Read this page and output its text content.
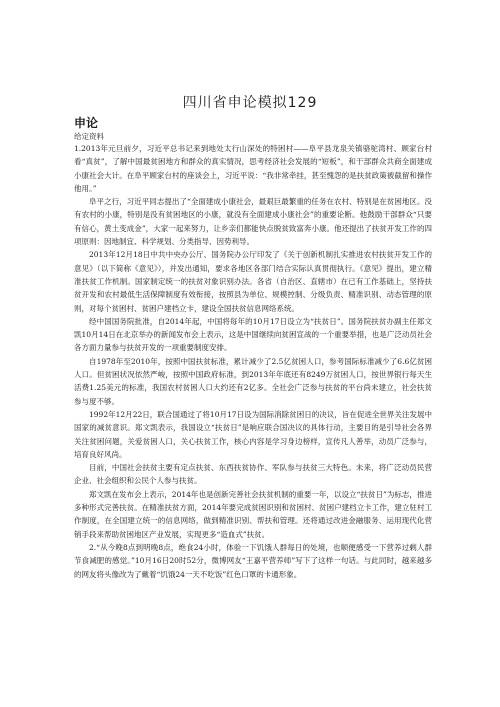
四川省申论模拟129
申论
给定资料

1.2013年元旦前夕，习近平总书记来到地处太行山深处的特困村——阜平县龙泉关镇骆驼湾村、顾家台村看“真贫”，了解中国最贫困地方和群众的真实情况，思考经济社会发展的“短板”，和干部群众共商全面建成小康社会大计。在阜平顾家台村的座谈会上，习近平说：“我非常牵挂，甚至愧怨的是扶贫政策被截留和操作他用。”

阜平之行，习近平同志提出了“全面建成小康社会，最艰巨最繁重的任务在农村、特别是在贫困地区。没有农村的小康，特别是没有贫困地区的小康，就没有全面建成小康社会”的重要论断。他鼓励干部群众“只要有信心，黄土变成金”，大家一起来努力，让乡亲们都能快点脱贫致富奔小康。他还提出了扶贫开发工作的四项原则：因地制宜、科学规划、分类指导、因势利导。

2013年12月18日中共中央办公厅、国务院办公厅印发了《关于创新机制扎实推进农村扶贫开发工作的意见》（以下简称《意见》），并发出通知，要求各地区各部门结合实际认真贯彻执行。《意见》提出，建立精准扶贫工作机制。国家制定统一的扶贫对象识别办法。各省（自治区、直辖市）在已有工作基础上，坚持扶贫开发和农村最低生活保障制度有效衔接，按照县为单位、规模控制、分级负责、精准识别、动态管理的原则，对每个贫困村、贫困户建档立卡，建设全国扶贫信息网络系统。

经中国国务院批准，自2014年起，中国将每年的10月17日设立为“扶贫日”。国务院扶贫办副主任郑文凯10月14日在北京举办的新闻发布会上表示，这是中国继续向贫困宣战的一个重要举措，也是广泛动员社会各方面力量参与扶贫开发的一项重要制度安排。

自1978年至2010年，按照中国扶贫标准，累计减少了2.5亿贫困人口，参考国际标准减少了6.6亿贫困人口。但贫困状况依然严峻，按照中国政府标准，到2013年年底还有8249万贫困人口，按世界银行每天生活费1.25美元的标准，我国农村贫困人口大约还有2亿多。全社会广泛参与扶贫的平台尚未建立，社会扶贫参与度不够。

1992年12月22日，联合国通过了将10月17日设为国际消除贫困日的决议，旨在促进全世界关注发展中国家的减贫意识。郑文凯表示，我国设立“扶贫日”是响应联合国决议的具体行动，主要目的是引导社会各界关注贫困问题，关爱贫困人口，关心扶贫工作，核心内容是学习身边榜样，宣传凡人善举，动员广泛参与，培育良好风尚。

目前，中国社会扶贫主要有定点扶贫、东西扶贫协作、军队参与扶贫三大特色。未来，将广泛动员民营企业、社会组织和公民个人参与扶贫。

郑文凯在发布会上表示，2014年也是创新完善社会扶贫机制的重要一年，以设立“扶贫日”为标志，推进多种形式完善扶贫。在精准扶贫方面，2014年要完成贫困识别和贫困村、贫困户建档立卡工作，建立驻村工作制度，在全国建立统一的信息网络，做到精准识别、帮扶和管理。还将通过改进金融服务、运用现代化营销手段来帮助贫困地区产业发展，实现更多“造血式”扶贫。

2.“从今晚8点到明晚8点，绝食24小时，体验一下饥饿人群每日的处境，也顺便感受一下营养过剩人群节食减肥的感觉。”10月16日20时52分，微博网友“王嘉平营养师”写下了这样一句话。与此同时，越来越多的网友将头像改为了戴着“饥饿24一天不吃饭”红色口罩的卡通形象。
